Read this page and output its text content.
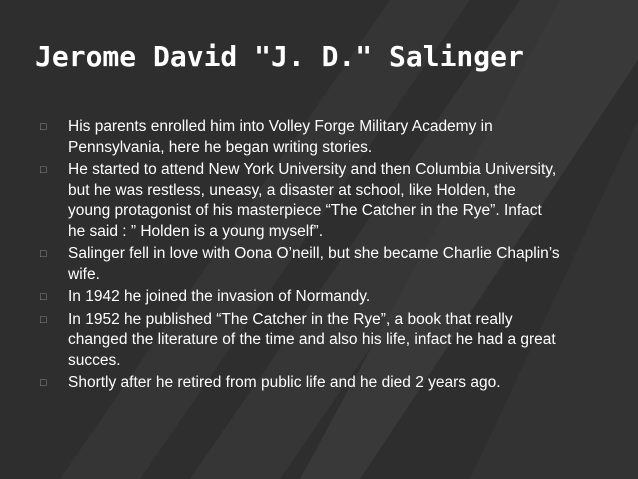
Jerome David "J. D." Salinger
□	His parents enrolled him into Volley Forge Military Academy in Pennsylvania, here he began writing stories.
□	He started to attend New York University and then Columbia University, but he was restless, uneasy, a disaster at school, like Holden, the young protagonist of his masterpiece “The Catcher in the Rye”. Infact he said : ” Holden is a young myself”.
□	Salinger fell in love with Oona O’neill, but she became Charlie Chaplin’s wife.
□	In 1942 he joined the invasion of Normandy.
□	In 1952 he published “The Catcher in the Rye”, a book that really changed the literature of the time and also his life, infact he had a great succes.
□	Shortly after he retired from public life and he died 2 years ago.
